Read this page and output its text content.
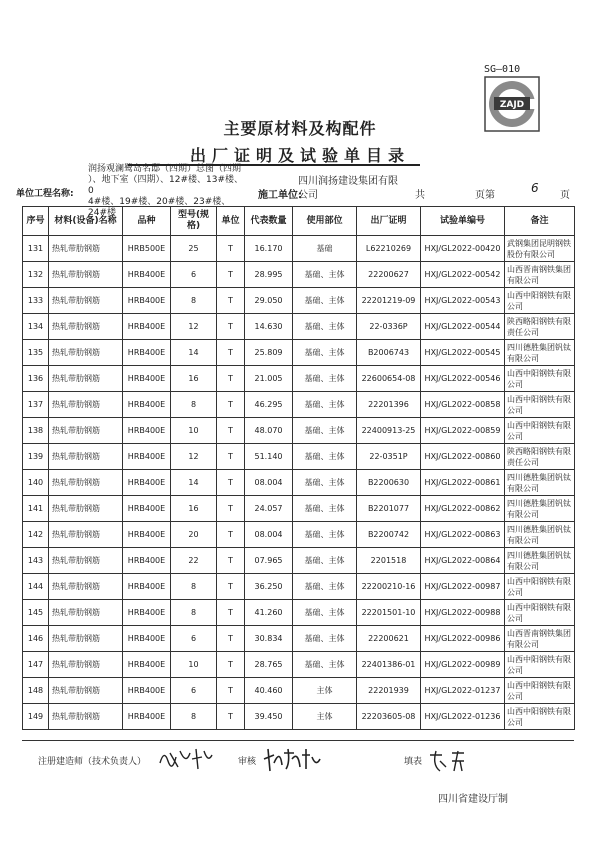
SG—010
ZAJD
主要原材料及构配件
出厂证明及试验单目录
润扬观澜鹭岛名邸（四期）总图（四期
）、地下室（四期）、12#楼、13#楼、0
4#楼、19#楼、20#楼、23#楼、24#楼
单位工程名称:
四川润扬建设集团有限
施工单位:
公司	共　　　　　页第
6
页
序号	材料(设备)名称	品种	型号(规格)	单位	代表数量	使用部位	出厂证明	试验单编号	备注
131	热轧带肋钢筋	HRB500E	25	T	16.170	基础	L62210269	HXJ/GL2022-00420	武钢集团昆明钢铁股份有限公司
132	热轧带肋钢筋	HRB400E	6	T	28.995	基础、主体	22200627	HXJ/GL2022-00542	山西晋南钢铁集团有限公司
133	热轧带肋钢筋	HRB400E	8	T	29.050	基础、主体	22201219-09	HXJ/GL2022-00543	山西中阳钢铁有限公司
134	热轧带肋钢筋	HRB400E	12	T	14.630	基础、主体	22-0336P	HXJ/GL2022-00544	陕西略阳钢铁有限责任公司
135	热轧带肋钢筋	HRB400E	14	T	25.809	基础、主体	B2006743	HXJ/GL2022-00545	四川德胜集团钒钛有限公司
136	热轧带肋钢筋	HRB400E	16	T	21.005	基础、主体	22600654-08	HXJ/GL2022-00546	山西中阳钢铁有限公司
137	热轧带肋钢筋	HRB400E	8	T	46.295	基础、主体	22201396	HXJ/GL2022-00858	山西中阳钢铁有限公司
138	热轧带肋钢筋	HRB400E	10	T	48.070	基础、主体	22400913-25	HXJ/GL2022-00859	山西中阳钢铁有限公司
139	热轧带肋钢筋	HRB400E	12	T	51.140	基础、主体	22-0351P	HXJ/GL2022-00860	陕西略阳钢铁有限责任公司
140	热轧带肋钢筋	HRB400E	14	T	08.004	基础、主体	B2200630	HXJ/GL2022-00861	四川德胜集团钒钛有限公司
141	热轧带肋钢筋	HRB400E	16	T	24.057	基础、主体	B2201077	HXJ/GL2022-00862	四川德胜集团钒钛有限公司
142	热轧带肋钢筋	HRB400E	20	T	08.004	基础、主体	B2200742	HXJ/GL2022-00863	四川德胜集团钒钛有限公司
143	热轧带肋钢筋	HRB400E	22	T	07.965	基础、主体	2201518	HXJ/GL2022-00864	四川德胜集团钒钛有限公司
144	热轧带肋钢筋	HRB400E	8	T	36.250	基础、主体	22200210-16	HXJ/GL2022-00987	山西中阳钢铁有限公司
145	热轧带肋钢筋	HRB400E	8	T	41.260	基础、主体	22201501-10	HXJ/GL2022-00988	山西中阳钢铁有限公司
146	热轧带肋钢筋	HRB400E	6	T	30.834	基础、主体	22200621	HXJ/GL2022-00986	山西晋南钢铁集团有限公司
147	热轧带肋钢筋	HRB400E	10	T	28.765	基础、主体	22401386-01	HXJ/GL2022-00989	山西中阳钢铁有限公司
148	热轧带肋钢筋	HRB400E	6	T	40.460	主体	22201939	HXJ/GL2022-01237	山西中阳钢铁有限公司
149	热轧带肋钢筋	HRB400E	8	T	39.450	主体	22203605-08	HXJ/GL2022-01236	山西中阳钢铁有限公司
注册建造师（技术负责人）	审核	填表
四川省建设厅制
